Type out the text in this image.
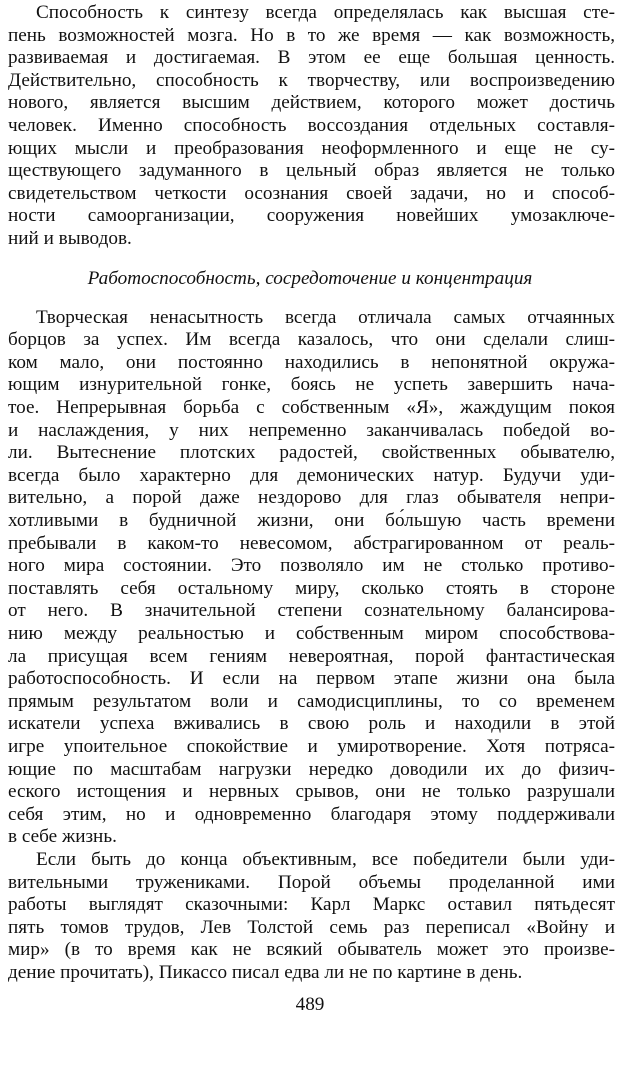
Способность к синтезу всегда определялась как высшая сте-
пень возможностей мозга. Но в то же время — как возможность,
развиваемая и достигаемая. В этом ее еще большая ценность.
Действительно, способность к творчеству, или воспроизведению
нового, является высшим действием, которого может достичь
человек. Именно способность воссоздания отдельных составля-
ющих мысли и преобразования неоформленного и еще не су-
ществующего задуманного в цельный образ является не только
свидетельством четкости осознания своей задачи, но и способ-
ности самоорганизации, сооружения новейших умозаключе-
ний и выводов.
Работоспособность, сосредоточение и концентрация
Творческая ненасытность всегда отличала самых отчаянных
борцов за успех. Им всегда казалось, что они сделали слиш-
ком мало, они постоянно находились в непонятной окружа-
ющим изнурительной гонке, боясь не успеть завершить нача-
тое. Непрерывная борьба с собственным «Я», жаждущим покоя
и наслаждения, у них непременно заканчивалась победой во-
ли. Вытеснение плотских радостей, свойственных обывателю,
всегда было характерно для демонических натур. Будучи уди-
вительно, а порой даже нездорово для глаз обывателя непри-
хотливыми в будничной жизни, они бо́льшую часть времени
пребывали в каком-то невесомом, абстрагированном от реаль-
ного мира состоянии. Это позволяло им не столько противо-
поставлять себя остальному миру, сколько стоять в стороне
от него. В значительной степени сознательному балансирова-
нию между реальностью и собственным миром способствова-
ла присущая всем гениям невероятная, порой фантастическая
работоспособность. И если на первом этапе жизни она была
прямым результатом воли и самодисциплины, то со временем
искатели успеха вживались в свою роль и находили в этой
игре упоительное спокойствие и умиротворение. Хотя потряса-
ющие по масштабам нагрузки нередко доводили их до физич-
еского истощения и нервных срывов, они не только разрушали
себя этим, но и одновременно благодаря этому поддерживали
в себе жизнь.
Если быть до конца объективным, все победители были уди-
вительными тружениками. Порой объемы проделанной ими
работы выглядят сказочными: Карл Маркс оставил пятьдесят
пять томов трудов, Лев Толстой семь раз переписал «Войну и
мир» (в то время как не всякий обыватель может это произве-
дение прочитать), Пикассо писал едва ли не по картине в день.
489
